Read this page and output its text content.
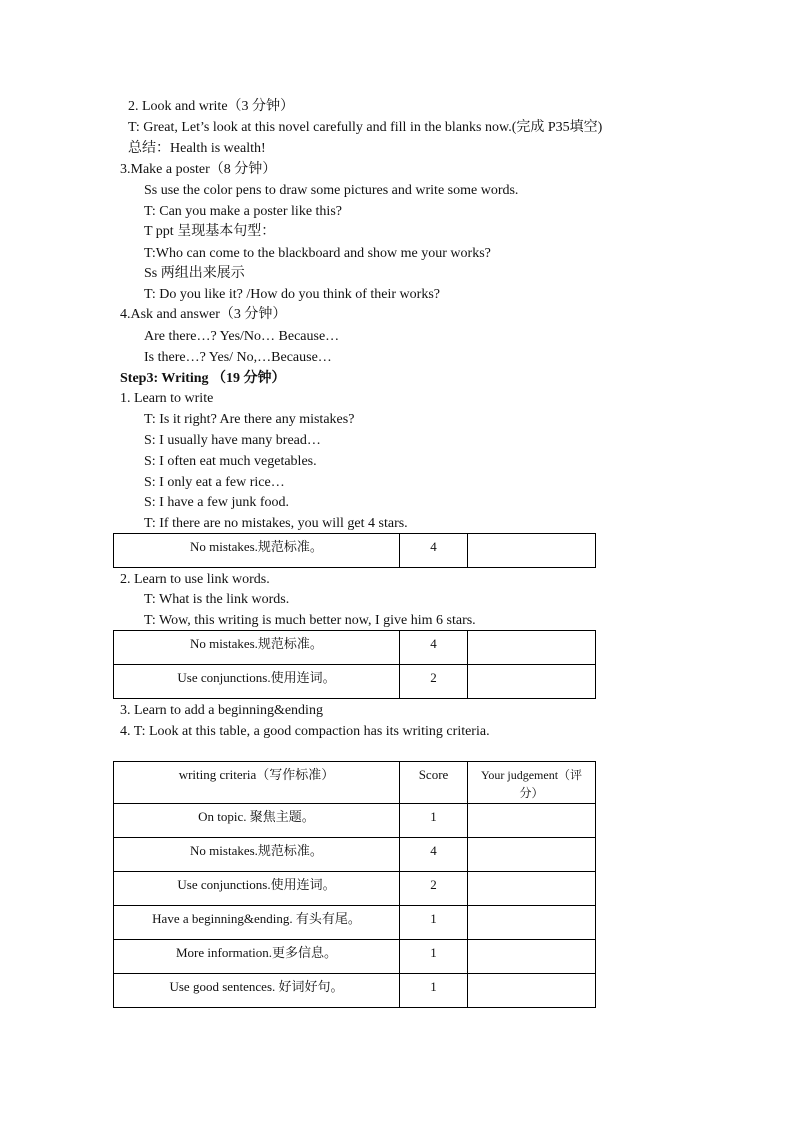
2. Look and write（3 分钟）
T: Great, Let’s look at this novel carefully and fill in the blanks now.(完成 P35填空)
总结：Health is wealth!
3.Make a poster（8 分钟）
Ss use the color pens to draw some pictures and write some words.
T: Can you make a poster like this?
T ppt 呈现基本句型：
T:Who can come to the blackboard and show me your works?
Ss 两组出来展示
T: Do you like it? /How do you think of their works?
4.Ask and answer（3 分钟）
Are there…? Yes/No… Because…
Is there…? Yes/ No,…Because…
Step3: Writing （19 分钟）
1. Learn to write
T: Is it right? Are there any mistakes?
S: I usually have many bread…
S: I often eat much vegetables.
S: I only eat a few rice…
S: I have a few junk food.
T: If there are no mistakes, you will get 4 stars.
No mistakes.规范标准。	4	
2. Learn to use link words.
T: What is the link words.
T: Wow, this writing is much better now, I give him 6 stars.
No mistakes.规范标准。	4	
Use conjunctions.使用连词。	2	
3. Learn to add a beginning&ending
4. T: Look at this table, a good compaction has its writing criteria.
writing criteria（写作标准）	Score	Your judgement（评分）
On topic. 聚焦主题。	1	
No mistakes.规范标准。	4	
Use conjunctions.使用连词。	2	
Have a beginning&ending. 有头有尾。	1	
More information.更多信息。	1	
Use good sentences. 好词好句。	1	
